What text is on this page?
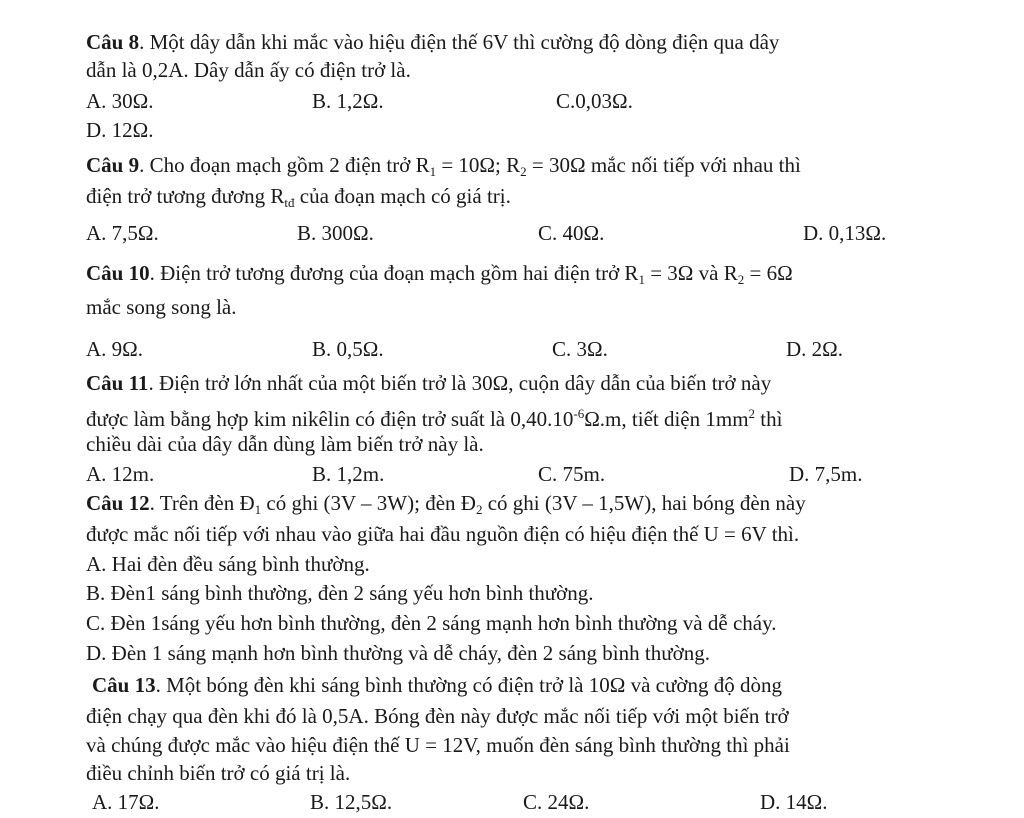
Câu 8. Một dây dẫn khi mắc vào hiệu điện thế 6V thì cường độ dòng điện qua dây
dẫn là 0,2A. Dây dẫn ấy có điện trở là.
A. 30Ω.	B. 1,2Ω.	C.0,03Ω.
D. 12Ω.
Câu 9. Cho đoạn mạch gồm 2 điện trở $R_1 = 10\Omega$; $R_2 = 30\Omega$ mắc nối tiếp với nhau thì
điện trở tương đương $R_{tđ}$ của đoạn mạch có giá trị.
A. 7,5Ω.	B. 300Ω.	C. 40Ω.	D. 0,13Ω.
Câu 10. Điện trở tương đương của đoạn mạch gồm hai điện trở $R_1 = 3\Omega$ và $R_2 = 6\Omega$
mắc song song là.
A. 9Ω.	B. 0,5Ω.	C. 3Ω.	D. 2Ω.
Câu 11. Điện trở lớn nhất của một biến trở là 30Ω, cuộn dây dẫn của biến trở này
được làm bằng hợp kim nikêlin có điện trở suất là $0,40.10^{-6}\Omega.m$, tiết diện $1mm^2$ thì
chiều dài của dây dẫn dùng làm biến trở này là.
A. 12m.	B. 1,2m.	C. 75m.	D. 7,5m.
Câu 12. Trên đèn $Đ_1$ có ghi (3V – 3W); đèn $Đ_2$ có ghi (3V – 1,5W), hai bóng đèn này
được mắc nối tiếp với nhau vào giữa hai đầu nguồn điện có hiệu điện thế U = 6V thì.
A. Hai đèn đều sáng bình thường.
B. Đèn1 sáng bình thường, đèn 2 sáng yếu hơn bình thường.
C. Đèn 1sáng yếu hơn bình thường, đèn 2 sáng mạnh hơn bình thường và dễ cháy.
D. Đèn 1 sáng mạnh hơn bình thường và dễ cháy, đèn 2 sáng bình thường.
Câu 13. Một bóng đèn khi sáng bình thường có điện trở là 10Ω và cường độ dòng
điện chạy qua đèn khi đó là 0,5A. Bóng đèn này được mắc nối tiếp với một biến trở
và chúng được mắc vào hiệu điện thế U = 12V, muốn đèn sáng bình thường thì phải
điều chỉnh biến trở có giá trị là.
A. 17Ω.	B. 12,5Ω.	C. 24Ω.	D. 14Ω.
